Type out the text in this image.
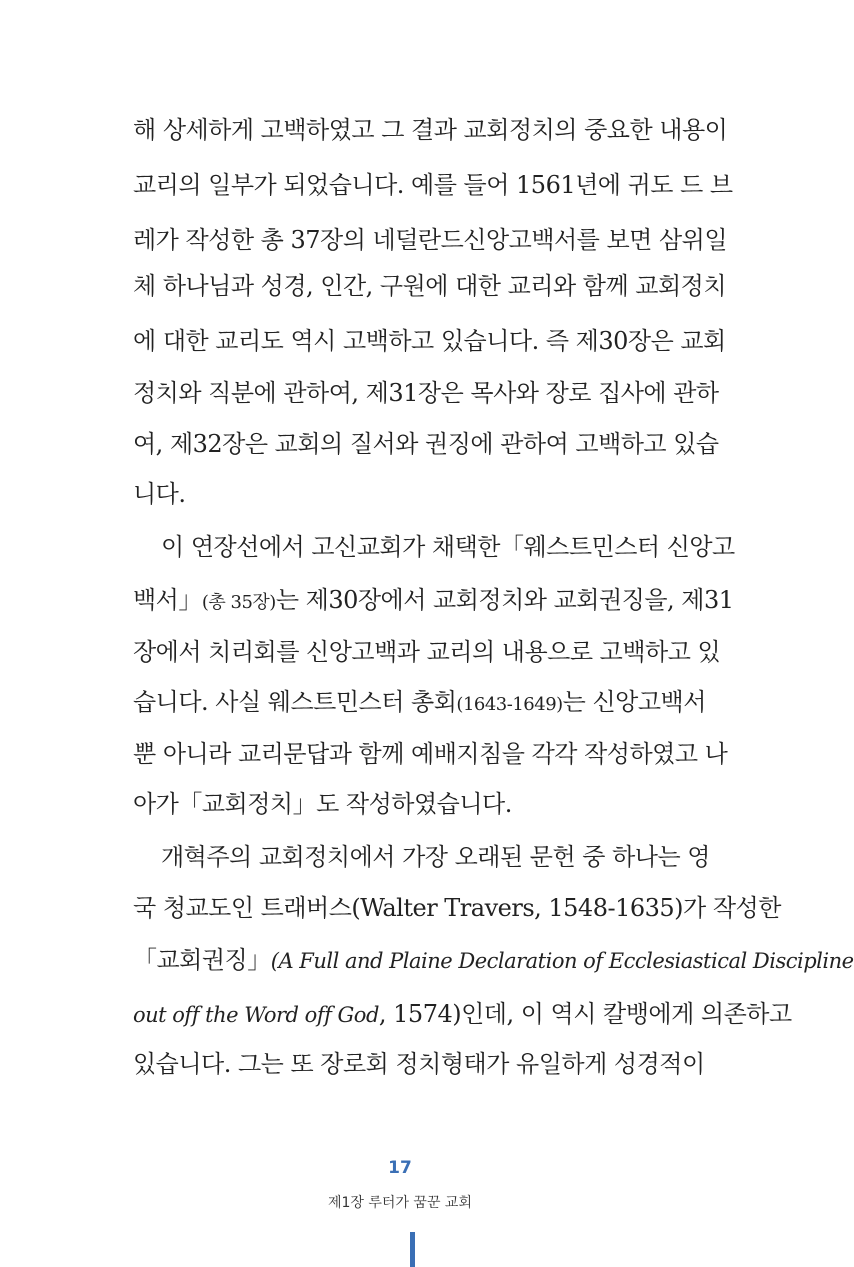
해 상세하게 고백하였고 그 결과 교회정치의 중요한 내용이
교리의 일부가 되었습니다. 예를 들어 1561년에 귀도 드 브
레가 작성한 총 37장의 네덜란드신앙고백서를 보면 삼위일
체 하나님과 성경, 인간, 구원에 대한 교리와 함께 교회정치
에 대한 교리도 역시 고백하고 있습니다. 즉 제30장은 교회
정치와 직분에 관하여, 제31장은 목사와 장로 집사에 관하
여, 제32장은 교회의 질서와 권징에 관하여 고백하고 있습
니다.
이 연장선에서 고신교회가 채택한「웨스트민스터 신앙고
백서」(총 35장)는 제30장에서 교회정치와 교회권징을, 제31
장에서 치리회를 신앙고백과 교리의 내용으로 고백하고 있
습니다. 사실 웨스트민스터 총회(1643-1649)는 신앙고백서
뿐 아니라 교리문답과 함께 예배지침을 각각 작성하였고 나
아가「교회정치」도 작성하였습니다.
개혁주의 교회정치에서 가장 오래된 문헌 중 하나는 영
국 청교도인 트래버스(Walter Travers, 1548-1635)가 작성한
「교회권징」(A Full and Plaine Declaration of Ecclesiastical Discipline
out off the Word off God, 1574)인데, 이 역시 칼뱅에게 의존하고
있습니다. 그는 또 장로회 정치형태가 유일하게 성경적이
17
제1장 루터가 꿈꾼 교회
